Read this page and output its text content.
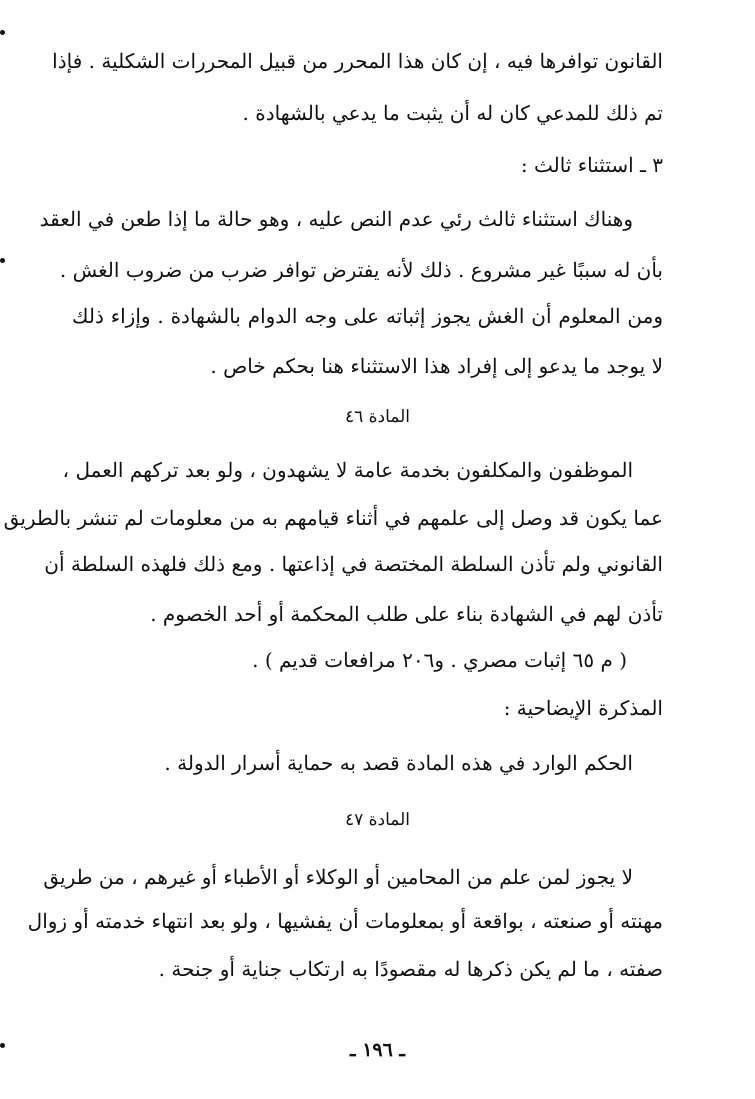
القانون توافرها فيه ، إن كان هذا المحرر من قبيل المحررات الشكلية . فإذا
تم ذلك للمدعي كان له أن يثبت ما يدعي بالشهادة .
٣ ـ استثناء ثالث :
وهناك استثناء ثالث رئي عدم النص عليه ، وهو حالة ما إذا طعن في العقد
بأن له سببًا غير مشروع . ذلك لأنه يفترض توافر ضرب من ضروب الغش .
ومن المعلوم أن الغش يجوز إثباته على وجه الدوام بالشهادة . وإزاء ذلك
لا يوجد ما يدعو إلى إفراد هذا الاستثناء هنا بحكم خاص .
المادة ٤٦
الموظفون والمكلفون بخدمة عامة لا يشهدون ، ولو بعد تركهم العمل ،
عما يكون قد وصل إلى علمهم في أثناء قيامهم به من معلومات لم تنشر بالطريق
القانوني ولم تأذن السلطة المختصة في إذاعتها . ومع ذلك فلهذه السلطة أن
تأذن لهم في الشهادة بناء على طلب المحكمة أو أحد الخصوم .
( م ٦٥ إثبات مصري . و٢٠٦ مرافعات قديم ) .
المذكرة الإيضاحية :
الحكم الوارد في هذه المادة قصد به حماية أسرار الدولة .
المادة ٤٧
لا يجوز لمن علم من المحامين أو الوكلاء أو الأطباء أو غيرهم ، من طريق
مهنته أو صنعته ، بواقعة أو بمعلومات أن يفشيها ، ولو بعد انتهاء خدمته أو زوال
صفته ، ما لم يكن ذكرها له مقصودًا به ارتكاب جناية أو جنحة .
ـ ١٩٦ ـ
